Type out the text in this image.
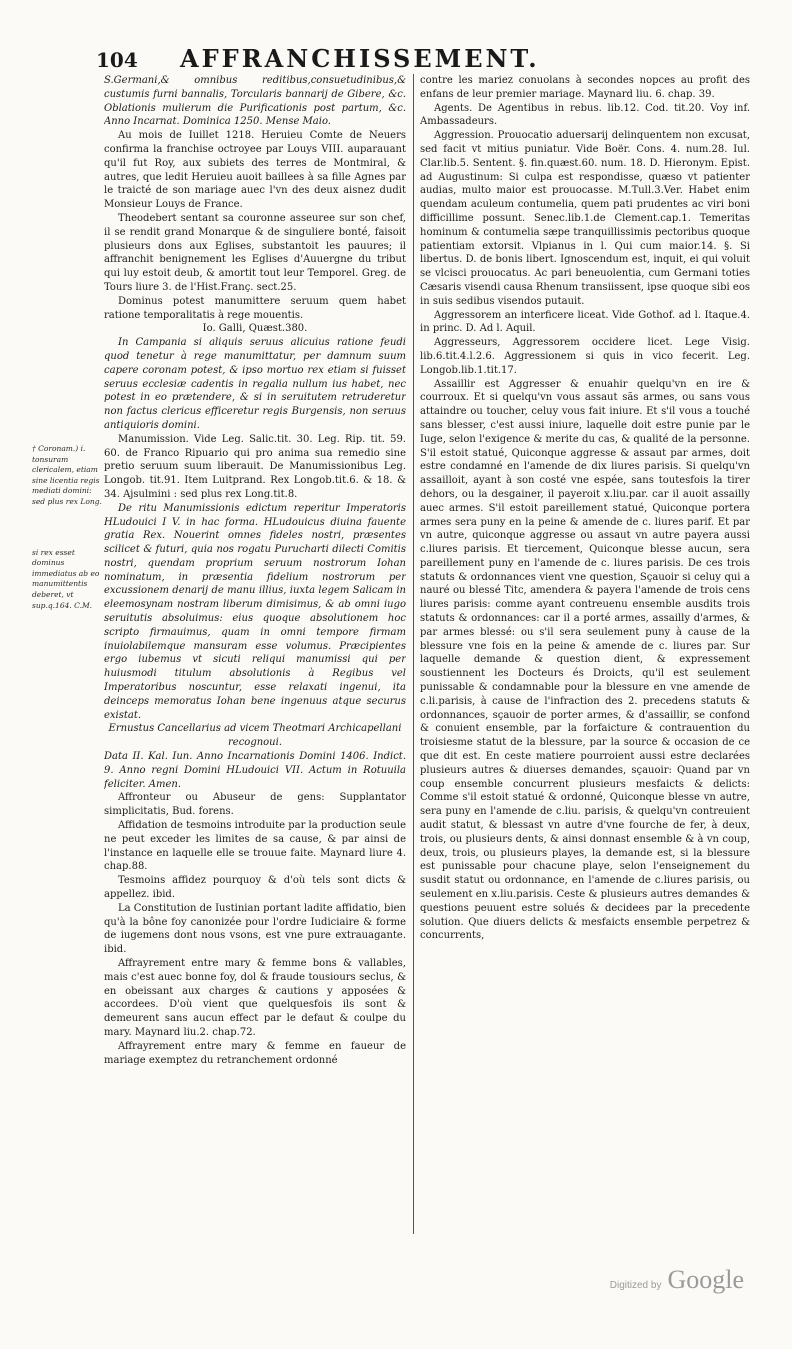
104	AFFRANCHISSEMENT.

† Coronam.) i. tonsuram clericalem, etiam sine licentia regis mediati domini: sed plus rex Long.

si rex esset dominus immediatus ab eo manumittentis deberet, vt sup.q.164. C.M.

S.Germani,& omnibus reditibus,consuetudinibus,& custumis furni bannalis, Torcularis bannarij de Gibere, &c. Oblationis mulierum die Purificationis post partum, &c. Anno Incarnat. Dominica 1250. Mense Maio.

Au mois de Iuillet 1218. Heruieu Comte de Neuers confirma la franchise octroyee par Louys VIII. auparauant qu'il fut Roy, aux subiets des terres de Montmiral, & autres, que ledit Heruieu auoit baillees à sa fille Agnes par le traicté de son mariage auec l'vn des deux aisnez dudit Monsieur Louys de France.

Theodebert sentant sa couronne asseuree sur son chef, il se rendit grand Monarque & de singuliere bonté, faisoit plusieurs dons aux Eglises, substantoit les pauures; il affranchit benignement les Eglises d'Auuergne du tribut qui luy estoit deub, & amortit tout leur Temporel. Greg. de Tours liure 3. de l'Hist.Franç. sect.25.

Dominus potest manumittere seruum quem habet ratione temporalitatis à rege mouentis.

Io. Galli, Quæst.380.

In Campania si aliquis seruus alicuius ratione feudi quod tenetur à rege manumittatur, per damnum suum capere coronam potest, & ipso mortuo rex etiam si fuisset seruus ecclesiæ cadentis in regalia nullum ius habet, nec potest in eo prætendere, & si in seruitutem retruderetur non factus clericus efficeretur regis Burgensis, non seruus antiquioris domini.

Manumission. Vide Leg. Salic.tit. 30. Leg. Rip. tit. 59. 60. de Franco Ripuario qui pro anima sua remedio sine pretio seruum suum liberauit. De Manumissionibus Leg. Longob. tit.91. Item Luitprand. Rex Longob.tit.6. & 18. & 34. Ajsulmini : sed plus rex Long.tit.8.

De ritu Manumissionis edictum reperitur Imperatoris HLudouici I V. in hac forma. HLudouicus diuina fauente gratia Rex. Nouerint omnes fideles nostri, præsentes scilicet & futuri, quia nos rogatu Purucharti dilecti Comitis nostri, quendam proprium seruum nostrorum Iohan nominatum, in præsentia fidelium nostrorum per excussionem denarij de manu illius, iuxta legem Salicam in eleemosynam nostram liberum dimisimus, & ab omni iugo seruitutis absoluimus: eius quoque absolutionem hoc scripto firmauimus, quam in omni tempore firmam inuiolabilemque mansuram esse volumus. Præcipientes ergo iubemus vt sicuti reliqui manumissi qui per huiusmodi titulum absolutionis à Regibus vel Imperatoribus noscuntur, esse relaxati ingenui, ita deinceps memoratus Iohan bene ingenuus atque securus existat.

Ernustus Cancellarius ad vicem Theotmari Archicapellani recognoui.

Data II. Kal. Iun. Anno Incarnationis Domini 1406. Indict. 9. Anno regni Domini HLudouici VII. Actum in Rotuuila feliciter. Amen.

Affronteur ou Abuseur de gens: Supplantator simplicitatis, Bud. forens.

Affidation de tesmoins introduite par la production seule ne peut exceder les limites de sa cause, & par ainsi de l'instance en laquelle elle se trouue faite. Maynard liure 4. chap.88.

Tesmoins affidez pourquoy & d'où tels sont dicts & appellez. ibid.

La Constitution de Iustinian portant ladite affidatio, bien qu'à la bône foy canonizée pour l'ordre Iudiciaire & forme de iugemens dont nous vsons, est vne pure extrauagante. ibid.

Affrayrement entre mary & femme bons & vallables, mais c'est auec bonne foy, dol & fraude tousiours seclus, & en obeissant aux charges & cautions y apposées & accordees. D'où vient que quelquesfois ils sont & demeurent sans aucun effect par le defaut & coulpe du mary. Maynard liu.2. chap.72.

Affrayrement entre mary & femme en faueur de mariage exemptez du retranchement ordonné

contre les mariez conuolans à secondes nopces au profit des enfans de leur premier mariage. Maynard liu. 6. chap. 39.

Agents. De Agentibus in rebus. lib.12. Cod. tit.20. Voy inf. Ambassadeurs.

Aggression. Prouocatio aduersarij delinquentem non excusat, sed facit vt mitius puniatur. Vide Boër. Cons. 4. num.28. Iul. Clar.lib.5. Sentent. §. fin.quæst.60. num. 18. D. Hieronym. Epist. ad Augustinum: Si culpa est respondisse, quæso vt patienter audias, multo maior est prouocasse. M.Tull.3.Ver. Habet enim quendam aculeum contumelia, quem pati prudentes ac viri boni difficillime possunt. Senec.lib.1.de Clement.cap.1. Temeritas hominum & contumelia sæpe tranquillissimis pectoribus quoque patientiam extorsit. Vlpianus in l. Qui cum maior.14. §. Si libertus. D. de bonis libert. Ignoscendum est, inquit, ei qui voluit se vlcisci prouocatus. Ac pari beneuolentia, cum Germani toties Cæsaris visendi causa Rhenum transiissent, ipse quoque sibi eos in suis sedibus visendos putauit.

Aggressorem an interficere liceat. Vide Gothof. ad l. Itaque.4. in princ. D. Ad l. Aquil.

Aggresseurs, Aggressorem occidere licet. Lege Visig. lib.6.tit.4.l.2.6. Aggressionem si quis in vico fecerit. Leg. Longob.lib.1.tit.17.

Assaillir est Aggresser & enuahir quelqu'vn en ire & courroux. Et si quelqu'vn vous assaut sãs armes, ou sans vous attaindre ou toucher, celuy vous fait iniure. Et s'il vous a touché sans blesser, c'est aussi iniure, laquelle doit estre punie par le Iuge, selon l'exigence & merite du cas, & qualité de la personne. S'il estoit statué, Quiconque aggresse & assaut par armes, doit estre condamné en l'amende de dix liures parisis. Si quelqu'vn assailloit, ayant à son costé vne espée, sans toutesfois la tirer dehors, ou la desgainer, il payeroit x.liu.par. car il auoit assailly auec armes. S'il estoit pareillement statué, Quiconque portera armes sera puny en la peine & amende de c. liures parif. Et par vn autre, quiconque aggresse ou assaut vn autre payera aussi c.liures parisis. Et tiercement, Quiconque blesse aucun, sera pareillement puny en l'amende de c. liures parisis. De ces trois statuts & ordonnances vient vne question, Sçauoir si celuy qui a nauré ou blessé Titc, amendera & payera l'amende de trois cens liures parisis: comme ayant contreuenu ensemble ausdits trois statuts & ordonnances: car il a porté armes, assailly d'armes, & par armes blessé: ou s'il sera seulement puny à cause de la blessure vne fois en la peine & amende de c. liures par. Sur laquelle demande & question dient, & expressement soustiennent les Docteurs és Droicts, qu'il est seulement punissable & condamnable pour la blessure en vne amende de c.li.parisis, à cause de l'infraction des 2. precedens statuts & ordonnances, sçauoir de porter armes, & d'assaillir, se confond & conuient ensemble, par la forfaicture & contrauention du troisiesme statut de la blessure, par la source & occasion de ce que dit est. En ceste matiere pourroient aussi estre declarées plusieurs autres & diuerses demandes, sçauoir: Quand par vn coup ensemble concurrent plusieurs mesfaicts & delicts: Comme s'il estoit statué & ordonné, Quiconque blesse vn autre, sera puny en l'amende de c.liu. parisis, & quelqu'vn contreuient audit statut, & blessast vn autre d'vne fourche de fer, à deux, trois, ou plusieurs dents, & ainsi donnast ensemble & à vn coup, deux, trois, ou plusieurs playes, la demande est, si la blessure est punissable pour chacune playe, selon l'enseignement du susdit statut ou ordonnance, en l'amende de c.liures parisis, ou seulement en x.liu.parisis. Ceste & plusieurs autres demandes & questions peuuent estre solués & decidees par la precedente solution. Que diuers delicts & mesfaicts ensemble perpetrez & concurrents,

Digitized by Google
